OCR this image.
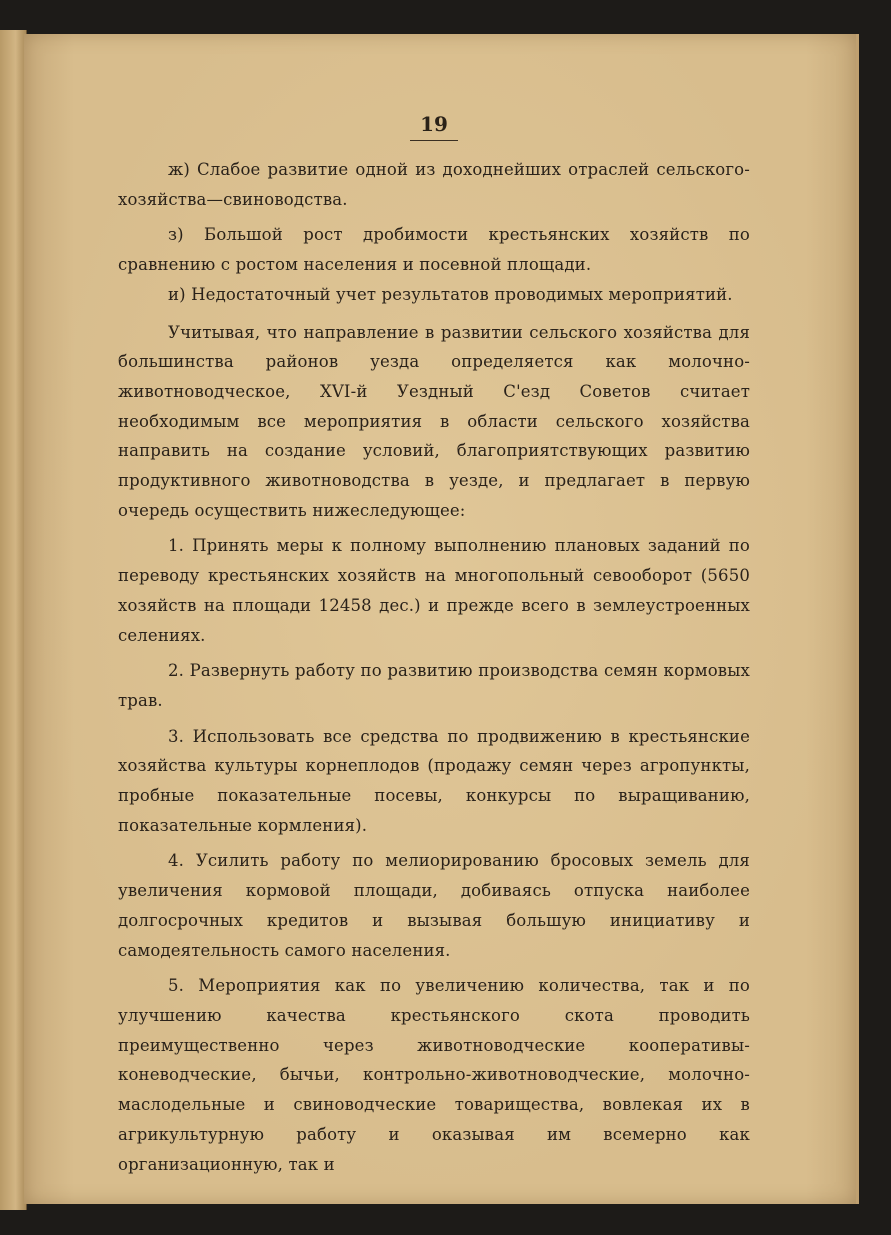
19

ж) Слабое развитие одной из доходнейших отраслей сельского-хозяйства—свиноводства.

з) Большой рост дробимости крестьянских хозяйств по сравнению с ростом населения и посевной площади.

и) Недостаточный учет результатов проводимых мероприятий.

Учитывая, что направление в развитии сельского хозяйства для большинства районов уезда определяется как молочно-животноводческое, XVI-й Уездный С'езд Советов считает необходимым все мероприятия в области сельского хозяйства направить на создание условий, благоприятствующих развитию продуктивного животноводства в уезде, и предлагает в первую очередь осуществить нижеследующее:

1. Принять меры к полному выполнению плановых заданий по переводу крестьянских хозяйств на многопольный севооборот (5650 хозяйств на площади 12458 дес.) и прежде всего в землеустроенных селениях.

2. Развернуть работу по развитию производства семян кормовых трав.

3. Использовать все средства по продвижению в крестьянские хозяйства культуры корнеплодов (продажу семян через агропункты, пробные показательные посевы, конкурсы по выращиванию, показательные кормления).

4. Усилить работу по мелиорированию бросовых земель для увеличения кормовой площади, добиваясь отпуска наиболее долгосрочных кредитов и вызывая большую инициативу и самодеятельность самого населения.

5. Мероприятия как по увеличению количества, так и по улучшению качества крестьянского скота проводить преимущественно через животноводческие кооперативы-коневодческие, бычьи, контрольно-животноводческие, молочно-маслодельные и свиноводческие товарищества, вовлекая их в агрикультурную работу и оказывая им всемерно как организационную, так и
